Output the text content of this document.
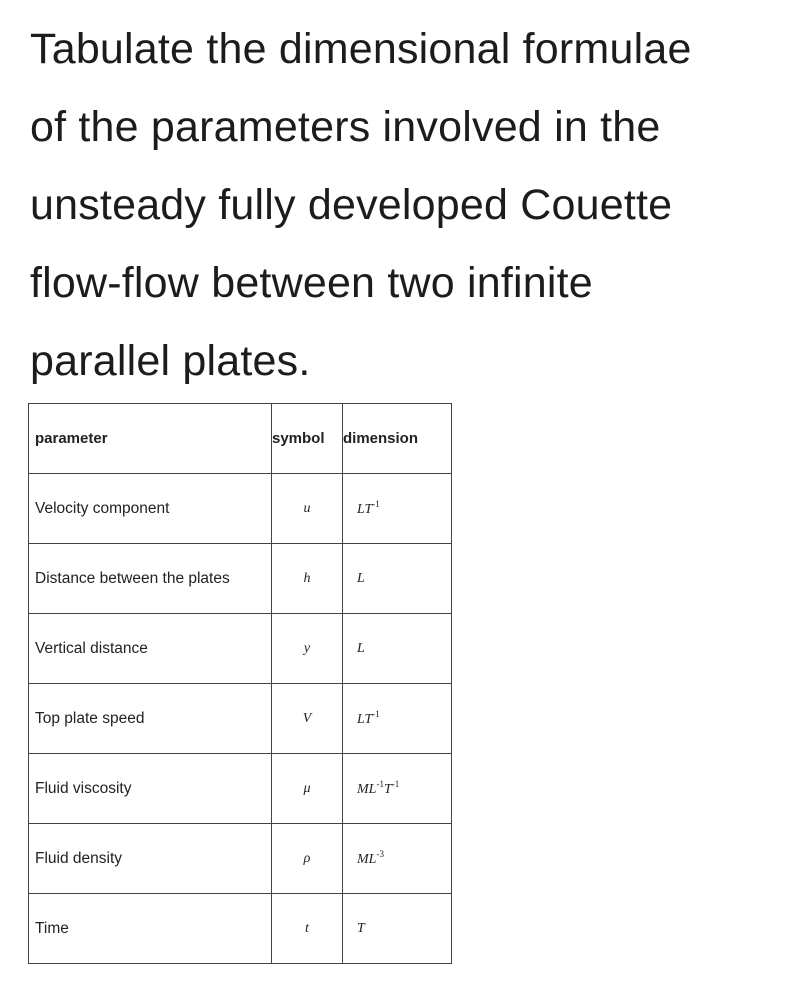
Tabulate the dimensional formulae
of the parameters involved in the
unsteady fully developed Couette
flow-flow between two infinite
parallel plates.

parameter	symbol	dimension
Velocity component	u	$LT^{-1}$
Distance between the plates	h	L
Vertical distance	y	L
Top plate speed	V	$LT^{-1}$
Fluid viscosity	μ	$ML^{-1}T^{-1}$
Fluid density	ρ	$ML^{-3}$
Time	t	T
